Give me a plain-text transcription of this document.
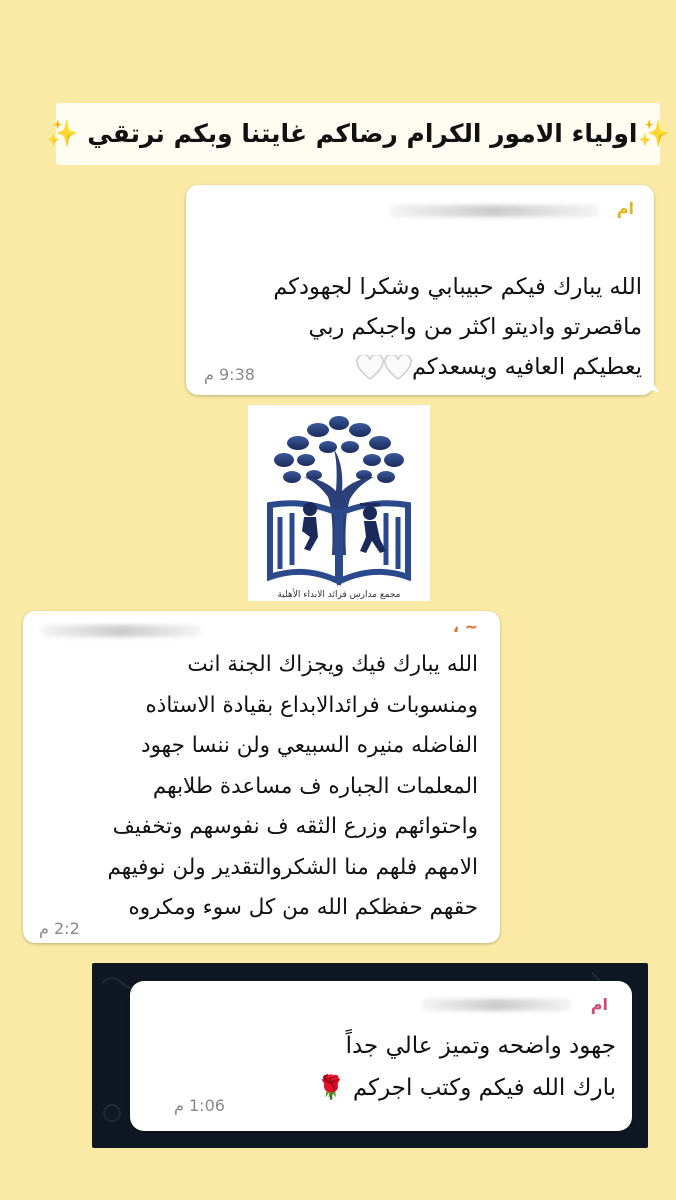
✨اولياء الامور الكرام رضاكم غايتنا وبكم نرتقي ✨
ام

الله يبارك فيكم حبيبابي وشكرا لجهودكم
ماقصرتو واديتو اكثر من واجبكم ربي
يعطيكم العافيه ويسعدكم

9:38 م
مجمع مدارس فرائد الابداء الأهلية
~ ،
الله يبارك فيك ويجزاك الجنة انت
ومنسوبات فرائدالابداع بقيادة الاستاذه
الفاضله منيره السبيعي ولن ننسا جهود
المعلمات الجباره ف مساعدة طلابهم
واحتوائهم وزرع الثقه ف نفوسهم وتخفيف
الامهم فلهم منا الشكروالتقدير ولن نوفيهم
حقهم حفظكم الله من كل سوء ومكروه
2:2 م
ام
جهود واضحه وتميز عالي جداً
بارك الله فيكم وكتب اجركم 🌹
1:06 م
